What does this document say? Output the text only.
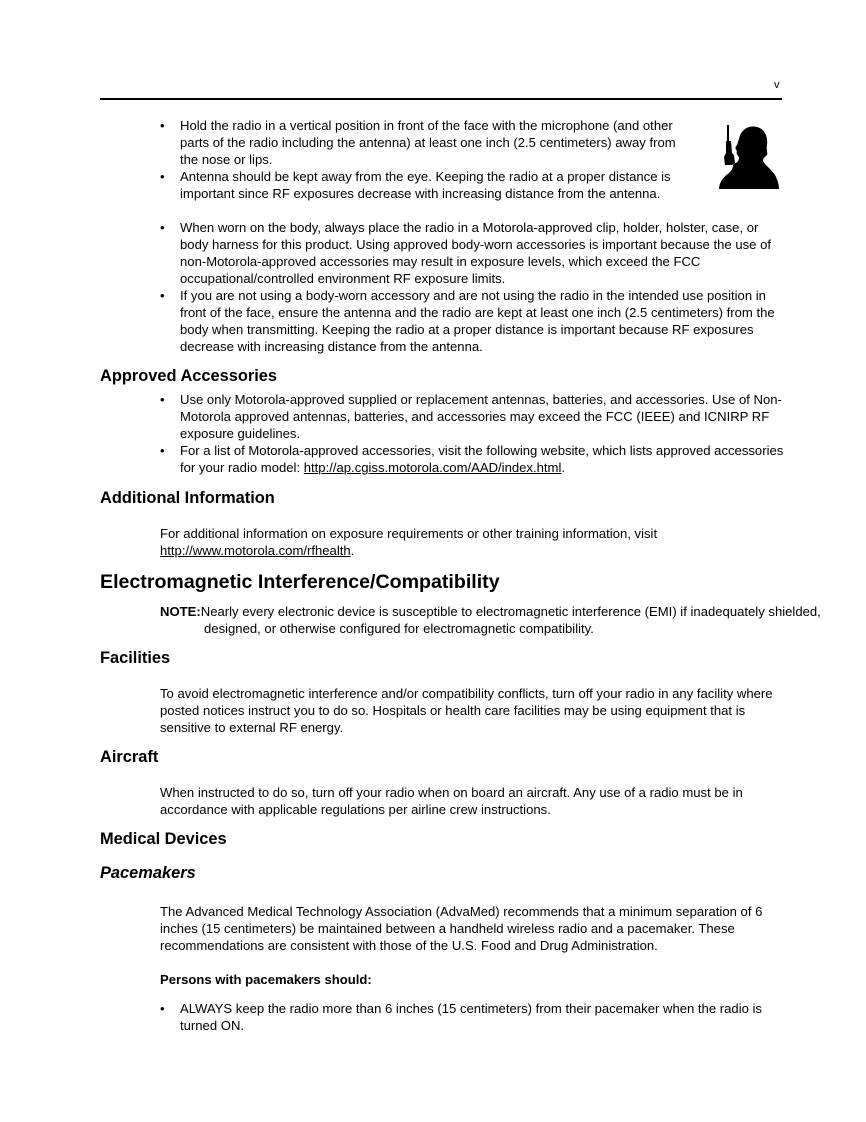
v
• Hold the radio in a vertical position in front of the face with the microphone (and other parts of the radio including the antenna) at least one inch (2.5 centimeters) away from the nose or lips.
• Antenna should be kept away from the eye. Keeping the radio at a proper distance is important since RF exposures decrease with increasing distance from the antenna.
• When worn on the body, always place the radio in a Motorola-approved clip, holder, holster, case, or body harness for this product. Using approved body-worn accessories is important because the use of non-Motorola-approved accessories may result in exposure levels, which exceed the FCC occupational/controlled environment RF exposure limits.
• If you are not using a body-worn accessory and are not using the radio in the intended use position in front of the face, ensure the antenna and the radio are kept at least one inch (2.5 centimeters) from the body when transmitting. Keeping the radio at a proper distance is important because RF exposures decrease with increasing distance from the antenna.
Approved Accessories
• Use only Motorola-approved supplied or replacement antennas, batteries, and accessories. Use of Non-Motorola approved antennas, batteries, and accessories may exceed the FCC (IEEE) and ICNIRP RF exposure guidelines.
• For a list of Motorola-approved accessories, visit the following website, which lists approved accessories for your radio model: http://ap.cgiss.motorola.com/AAD/index.html.
Additional Information

For additional information on exposure requirements or other training information, visit http://www.motorola.com/rfhealth.

Electromagnetic Interference/Compatibility

NOTE:Nearly every electronic device is susceptible to electromagnetic interference (EMI) if inadequately shielded, designed, or otherwise configured for electromagnetic compatibility.

Facilities

To avoid electromagnetic interference and/or compatibility conflicts, turn off your radio in any facility where posted notices instruct you to do so. Hospitals or health care facilities may be using equipment that is sensitive to external RF energy.

Aircraft

When instructed to do so, turn off your radio when on board an aircraft. Any use of a radio must be in accordance with applicable regulations per airline crew instructions.

Medical Devices
Pacemakers

The Advanced Medical Technology Association (AdvaMed) recommends that a minimum separation of 6 inches (15 centimeters) be maintained between a handheld wireless radio and a pacemaker. These recommendations are consistent with those of the U.S. Food and Drug Administration.

Persons with pacemakers should:

• ALWAYS keep the radio more than 6 inches (15 centimeters) from their pacemaker when the radio is turned ON.
